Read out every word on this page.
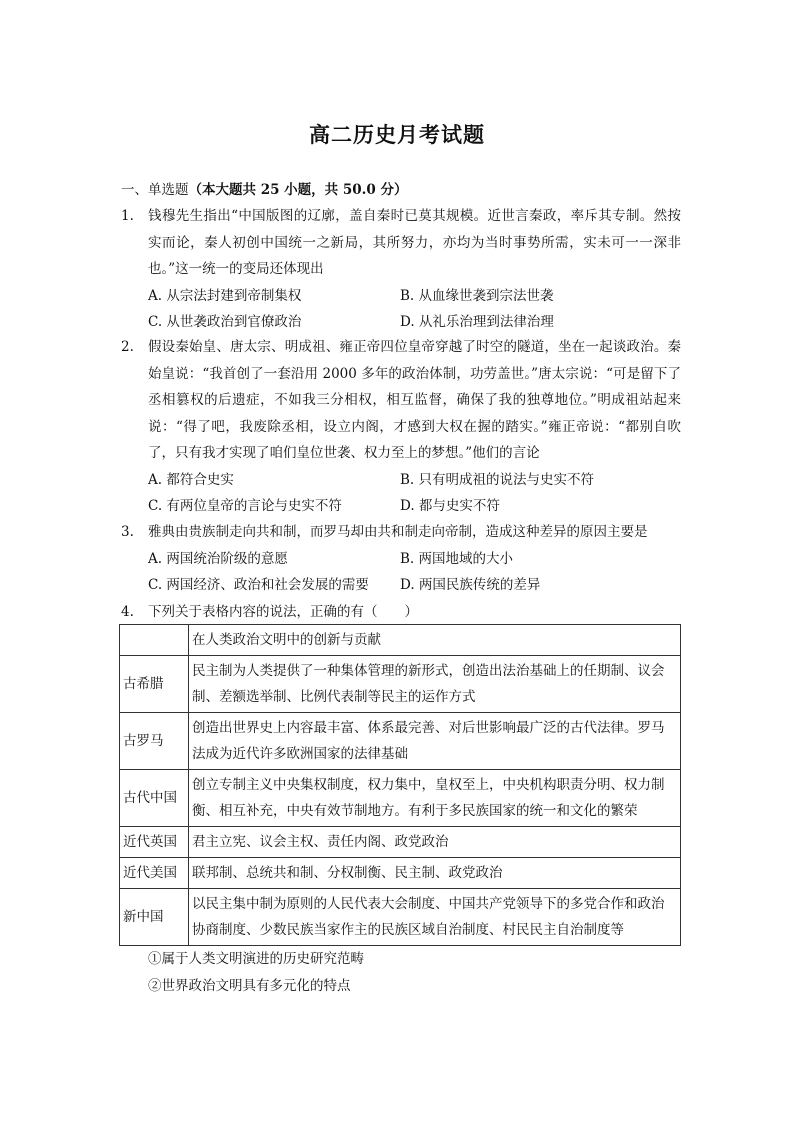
高二历史月考试题
一、单选题（本大题共 25 小题，共 50.0 分）
1.	钱穆先生指出“中国版图的辽廓，盖自秦时已莫其规模。近世言秦政，率斥其专制。然按实而论，秦人初创中国统一之新局，其所努力，亦均为当时事势所需，实未可一一深非也。”这一统一的变局还体现出
A. 从宗法封建到帝制集权	B. 从血缘世袭到宗法世袭
C. 从世袭政治到官僚政治	D. 从礼乐治理到法律治理
2.	假设秦始皇、唐太宗、明成祖、雍正帝四位皇帝穿越了时空的隧道，坐在一起谈政治。秦始皇说：“我首创了一套沿用 2000 多年的政治体制，功劳盖世。”唐太宗说：“可是留下了丞相篡权的后遗症，不如我三分相权，相互监督，确保了我的独尊地位。”明成祖站起来说：“得了吧，我废除丞相，设立内阁，才感到大权在握的踏实。”雍正帝说：“都别自吹了，只有我才实现了咱们皇位世袭、权力至上的梦想。”他们的言论
A. 都符合史实	B. 只有明成祖的说法与史实不符
C. 有两位皇帝的言论与史实不符	D. 都与史实不符
3.	雅典由贵族制走向共和制，而罗马却由共和制走向帝制，造成这种差异的原因主要是
A. 两国统治阶级的意愿	B. 两国地域的大小
C. 两国经济、政治和社会发展的需要 D. 两国民族传统的差异
4.	下列关于表格内容的说法，正确的有（　　）
	在人类政治文明中的创新与贡献
古希腊	民主制为人类提供了一种集体管理的新形式，创造出法治基础上的任期制、议会制、差额选举制、比例代表制等民主的运作方式
古罗马	创造出世界史上内容最丰富、体系最完善、对后世影响最广泛的古代法律。罗马法成为近代许多欧洲国家的法律基础
古代中国	创立专制主义中央集权制度，权力集中，皇权至上，中央机构职责分明、权力制衡、相互补充，中央有效节制地方。有利于多民族国家的统一和文化的繁荣
近代英国	君主立宪、议会主权、责任内阁、政党政治
近代美国	联邦制、总统共和制、分权制衡、民主制、政党政治
新中国	以民主集中制为原则的人民代表大会制度、中国共产党领导下的多党合作和政治协商制度、少数民族当家作主的民族区域自治制度、村民民主自治制度等
①属于人类文明演进的历史研究范畴
②世界政治文明具有多元化的特点
